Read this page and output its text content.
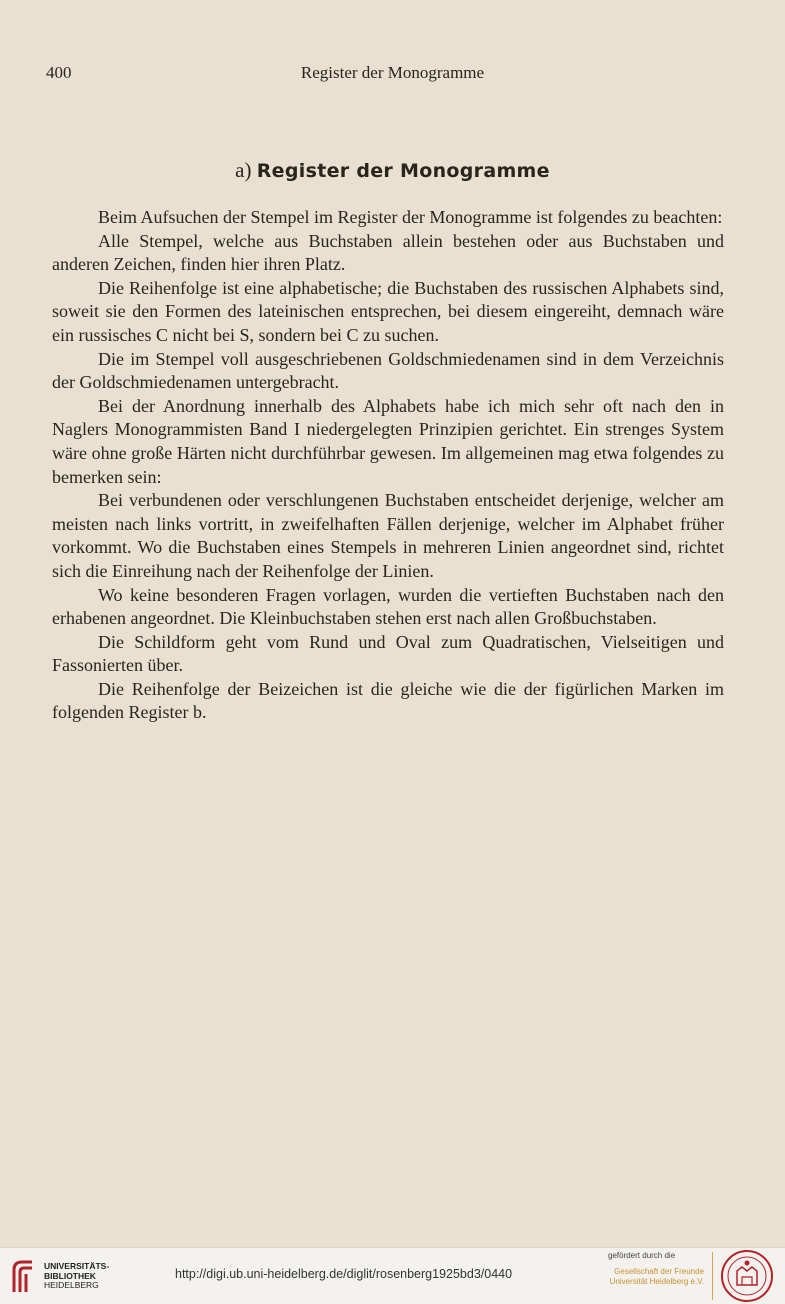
400	Register der Monogramme
a) Register der Monogramme

Beim Aufsuchen der Stempel im Register der Monogramme ist folgendes zu beachten:

Alle Stempel, welche aus Buchstaben allein bestehen oder aus Buchstaben und anderen Zeichen, finden hier ihren Platz.

Die Reihenfolge ist eine alphabetische; die Buchstaben des russischen Alphabets sind, soweit sie den Formen des lateinischen entsprechen, bei diesem eingereiht, demnach wäre ein russisches C nicht bei S, sondern bei C zu suchen.

Die im Stempel voll ausgeschriebenen Goldschmiedenamen sind in dem Verzeichnis der Goldschmiedenamen untergebracht.

Bei der Anordnung innerhalb des Alphabets habe ich mich sehr oft nach den in Naglers Monogrammisten Band I niedergelegten Prinzipien gerichtet. Ein strenges System wäre ohne große Härten nicht durchführbar gewesen. Im allgemeinen mag etwa folgendes zu bemerken sein:

Bei verbundenen oder verschlungenen Buchstaben entscheidet derjenige, welcher am meisten nach links vortritt, in zweifelhaften Fällen derjenige, welcher im Alphabet früher vorkommt. Wo die Buchstaben eines Stempels in mehreren Linien angeordnet sind, richtet sich die Einreihung nach der Reihenfolge der Linien.

Wo keine besonderen Fragen vorlagen, wurden die vertieften Buchstaben nach den erhabenen angeordnet. Die Kleinbuchstaben stehen erst nach allen Großbuchstaben.

Die Schildform geht vom Rund und Oval zum Quadratischen, Vielseitigen und Fassonierten über.

Die Reihenfolge der Beizeichen ist die gleiche wie die der figürlichen Marken im folgenden Register b.

UNIVERSITÄTS-
BIBLIOTHEK
HEIDELBERG
http://digi.ub.uni-heidelberg.de/diglit/rosenberg1925bd3/0440
gefördert durch die
Gesellschaft der Freunde
Universität Heidelberg e.V.
